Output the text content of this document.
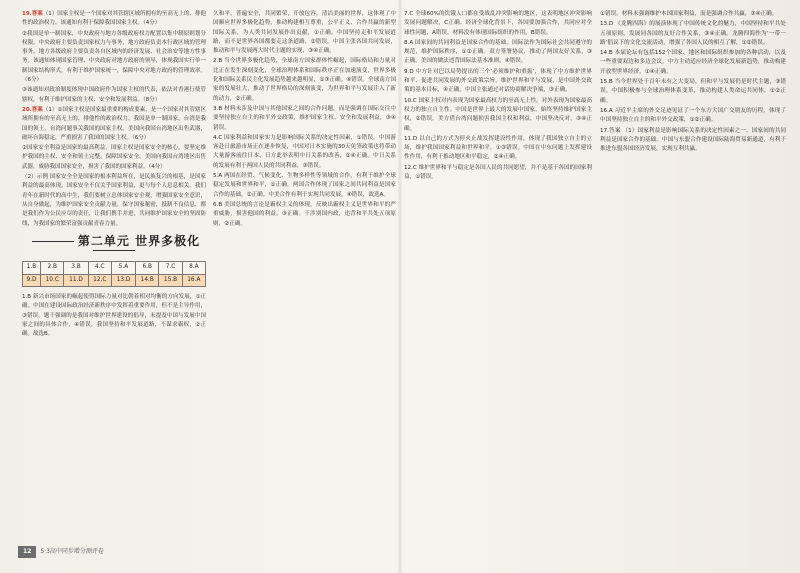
19.答案（1）国家主权是一个国家对其管辖区域所拥有的至高无上的、排他性的政治权力。该通知有利于保障我国国家主权。（4分）

②我国是单一制国家，中央政府与地方各级政府权力配置以集中制原则划分权限。中央政府主要负责国家权力与事务，地方政府负责本行政区域的管理事务，地方各级政府主要负责各自区域内的经济发展、社会治安等地方性事务。该通知体现国家管理、中央政府对地方政府的领导，体现我国实行单一制国家结构形式，有利于维护国家统一，保障中央对地方政府的管理效率。（6分）

③该通知对政治制度体现中国政府作为国家主权的代表，依法对香港行使管辖权，有利于维护国家的主权、安全和发展利益。（8分）

20.答案（1）①国家主权是国家最重要的构成要素，是一个国家对其管辖区域所拥有的至高无上的、排他性的政治权力。我国是单一制国家，台湾是我国的领土，台湾问题事关我国的国家主权。美国向我国台湾地区出售武器，破坏台海稳定，严重损害了我国的国家主权。（6分）

②国家安全利益是国家的最高利益，国家主权是国家安全的核心，要坚定维护我国的主权、安全和领土完整，保障国家安全。美国向我国台湾地区出售武器，威胁我国国家安全，损害了我国的国家利益。（4分）

（2）示例 国家安全全是国家的根本利益所在，是民族复兴的根基，是国家利益的最高体现。国家安全不仅关乎国家利益，更与每个人息息相关。我们青年在新时代的高中生，我们要树立总体国家安全观，增强国家安全意识，从自身做起，为维护国家安全贡献力量。保守国家秘密，抵制不良信息，都是我们作为公民应尽的责任，让我们携手并进，共同维护国家安全的坚固防线，为我国家的繁荣富强贡献青春力量。

第二单元 世界多极化
1.B	2.B	3.B	4.C	5.A	6.B	7.C	8.A
9.D	10.C	11.D	12.C	13.D	14.B	15.B	16.A

1.B 新兴市场国家的崛起使得国际力量对比朝着相对均衡的方向发展，①正确。中国在建设国际政治经济新秩序中发挥着重要作用，但不是主导作用，③错误。题干强调的是我国对维护世界建设的倡导，未提及中国与发展中国家之间的具体合作，④错误。我国坚持和平发展道路，不谋求霸权，②正确。故选B。

久和平，普遍安全，共同繁荣，开放包容，清洁美丽的世界，这体现了中国顺应世界多极化趋势，推动构建相互尊重，公平正义、合作共赢的新型国际关系，为人类共同发展作出贡献，①正确。中国坚持走和平发展道路，而不是世界各国都要走这条道路，②错误。中国主张各国共同发展，推动和平与发展两大时代主题的实现，③④正确。

2.B 当今世界多极化趋势，全球南方国家群体性崛起，国际格局和力量对比正在发生深刻变化，全球治理体系和国际秩序正在加速演变，世界多极化和国际关系民主化发展趋势越来越明显，①③正确。④错误。全球南方国家的发展壮大，推动了世界格局的深刻演变，为世界和平与发展注入了新的动力，②正确。

3.B 材料未涉及中国与其他国家之间的合作问题，而是强调在国际交往中要坚持独立自主的和平外交政策，维护国家主权、安全和发展利益，③④错误。

4.C 国家利益和国家实力是影响国际关系的决定性因素，①错误。中国游客赴日旅游市场正在逐步恢复，中国对日本实施的30天免签政策也将带动大量游客前往日本，日方此举表明中日关系的改善，②④正确。中日关系的发展有利于两国人民的共同利益，③错误。

5.A 两国在经贸、气候变化、生物多样性等领域的合作，有利于维护全球稳定发展和世界和平，①正确。两国合作体现了国家之间共同利益是国家合作的基础，②正确。中美合作有利于实现共同发展，④错误，故选A。

6.B 美国总统的言论是霸权主义的体现，反映出霸权主义是世界和平的严重威胁，损害他国的利益，③正确。干涉别国内政，违背和平共处五项原则，②正确。

7.C 全球60%的饥饿人口都在受战乱冲突影响的地区，这表明地区冲突影响发展问题解决，C正确。经济全球化背景下，各国要加强合作，共同应对全球性问题，A错误。材料没有体现国际组织的作用，B错误。

8.A 国家间的共同利益是国家合作的基础。国际法作为国际社会共同遵守的规范，维护国际秩序，①②正确。双方签署协议，推动了两国友好关系，③正确。美国的做法违背国际法基本准则，④错误。

9.D 中方针对巴以局势提出的三个‘必须维护和重振’，体现了中方维护世界和平、促进共同发展的外交政策宗旨。维护世界和平与发展，是中国外交政策的基本目标，④正确。中国主张通过对话协商解决争端，③正确。

10.C 国家主权对内表现为国家最高权力的至高无上性，对外表现为国家最高权力的独立自主性。中国是世界上最大的发展中国家，始终坚持维护国家主权，②错误。美方借台湾问题损害我国主权和利益，中国坚决反对，③④正确。

11.D 以自己的方式为停火止战发挥建设性作用，体现了我国独立自主的立场，维护我国国家利益和世界和平，①③错误。中国在中东问题上发挥建设性作用，有利于推动地区和平稳定，②④正确。

12.C 维护世界和平与稳定是各国人民的共同愿望，并不是基于各国的国家利益，①错误。

①错误。材料未强调维护本国国家利益，而是强调合作共赢，③④正确。

13.D 《龙腾四海》的展演体现了中国传统文化的魅力，中国坚持和平共处五项原则，发展同各国的友好合作关系，③④正确。龙腾四海作为‘一带一路’倡议下的文化交流活动，增强了各国人民的相互了解，①②错误。

14.B 本届论坛有包括152个国家、地区和国际组织参加的各种活动，以及一些重要双边和多边会议。中方主动适应经济全球化发展新趋势，推动构建开放型世界经济，①④正确。

15.B 当今世界处于百年未有之大变局，但和平与发展仍是时代主题，③错误。中国积极参与全球治理体系变革，推动构建人类命运共同体，①②正确。

16.A 习近平主席的外交足迹见证了一个东方大国广交朋友的历程，体现了中国坚持独立自主的和平外交政策，①②正确。

17.答案 （1）国家利益是影响国际关系的决定性因素之一，国家间的共同利益是国家合作的基础。中国与东盟合作建设国际陆海贸易新通道，有利于推进东盟各国经济发展，实现互利共赢。

12 5·3高中同步增分测评卷
